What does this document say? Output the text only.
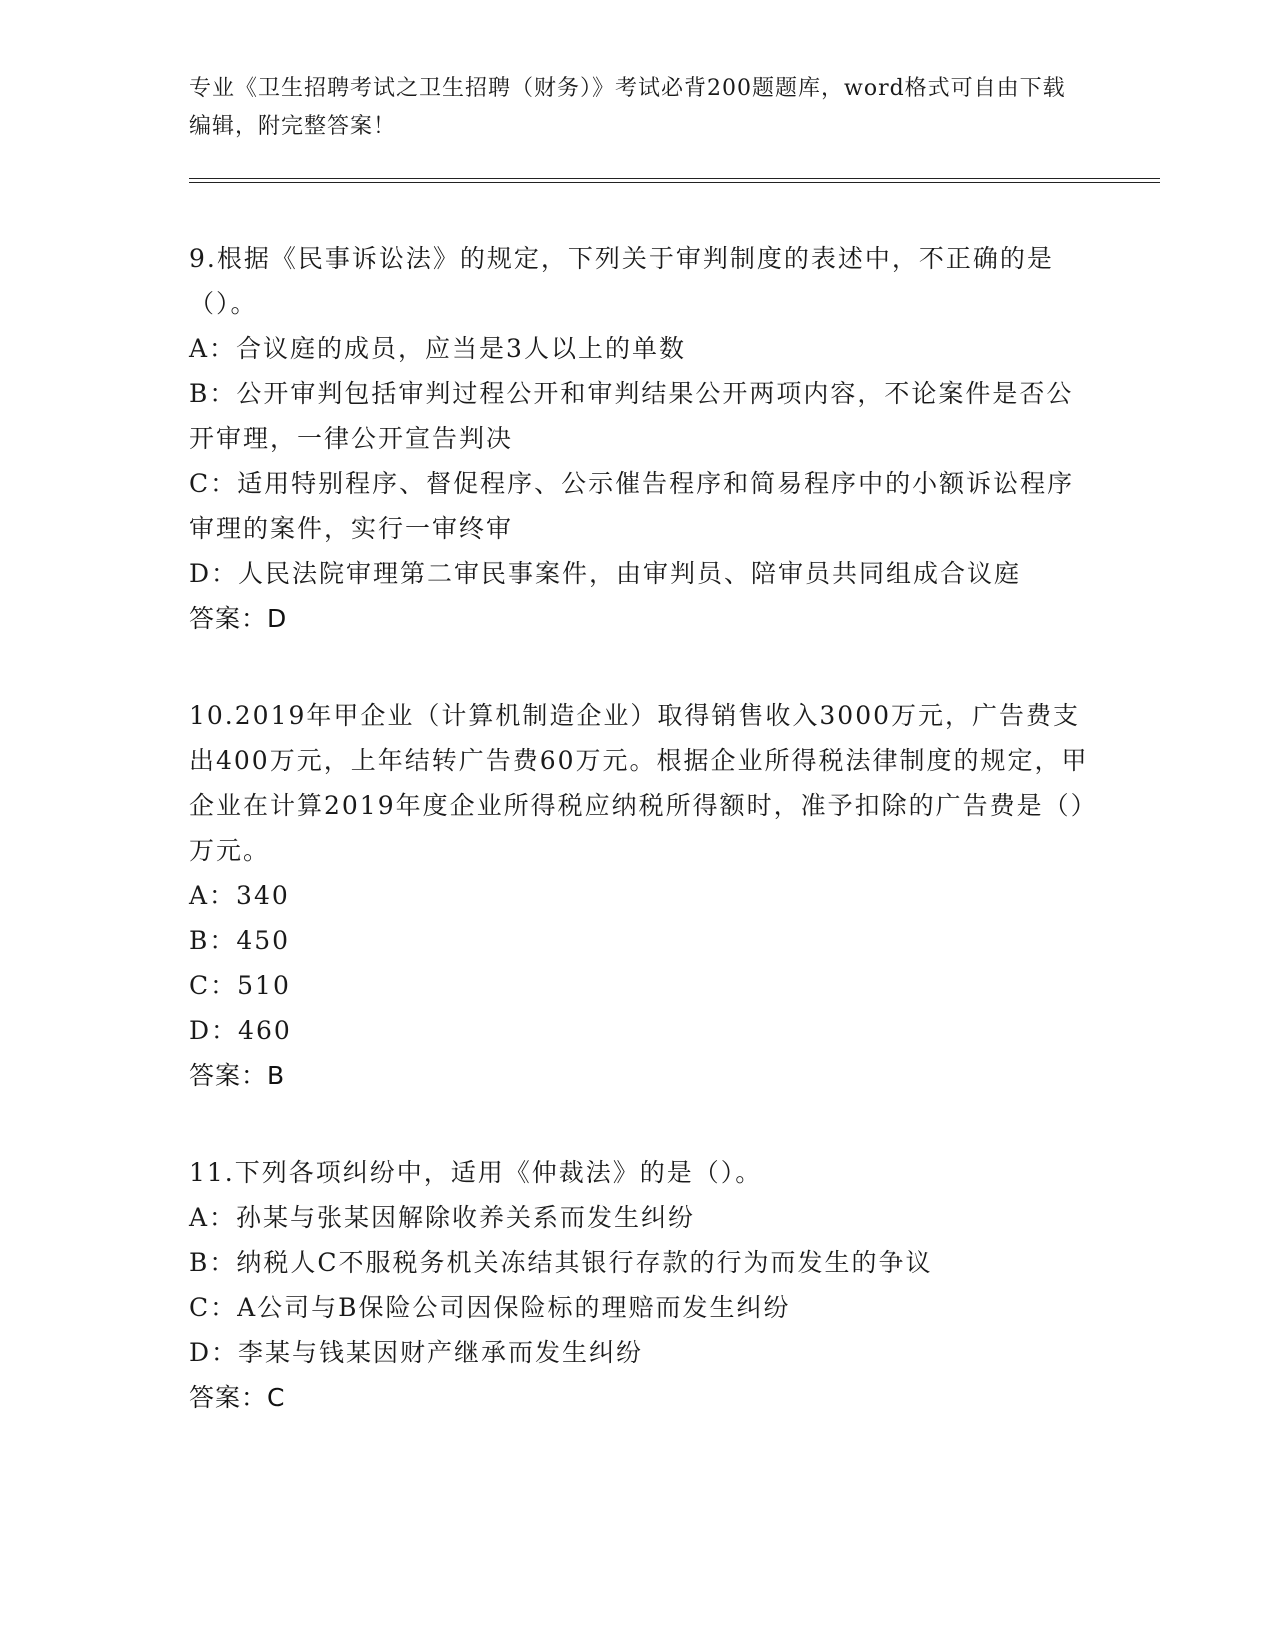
专业《卫生招聘考试之卫生招聘（财务）》考试必背200题题库，word格式可自由下载编辑，附完整答案！

9.根据《民事诉讼法》的规定，下列关于审判制度的表述中，不正确的是（）。

A：合议庭的成员，应当是3人以上的单数

B：公开审判包括审判过程公开和审判结果公开两项内容，不论案件是否公开审理，一律公开宣告判决

C：适用特别程序、督促程序、公示催告程序和简易程序中的小额诉讼程序审理的案件，实行一审终审

D：人民法院审理第二审民事案件，由审判员、陪审员共同组成合议庭

答案：D

10.2019年甲企业（计算机制造企业）取得销售收入3000万元，广告费支出400万元，上年结转广告费60万元。根据企业所得税法律制度的规定，甲企业在计算2019年度企业所得税应纳税所得额时，准予扣除的广告费是（）万元。

A：340

B：450

C：510

D：460

答案：B

11.下列各项纠纷中，适用《仲裁法》的是（）。

A：孙某与张某因解除收养关系而发生纠纷

B：纳税人C不服税务机关冻结其银行存款的行为而发生的争议

C：A公司与B保险公司因保险标的理赔而发生纠纷

D：李某与钱某因财产继承而发生纠纷

答案：C
